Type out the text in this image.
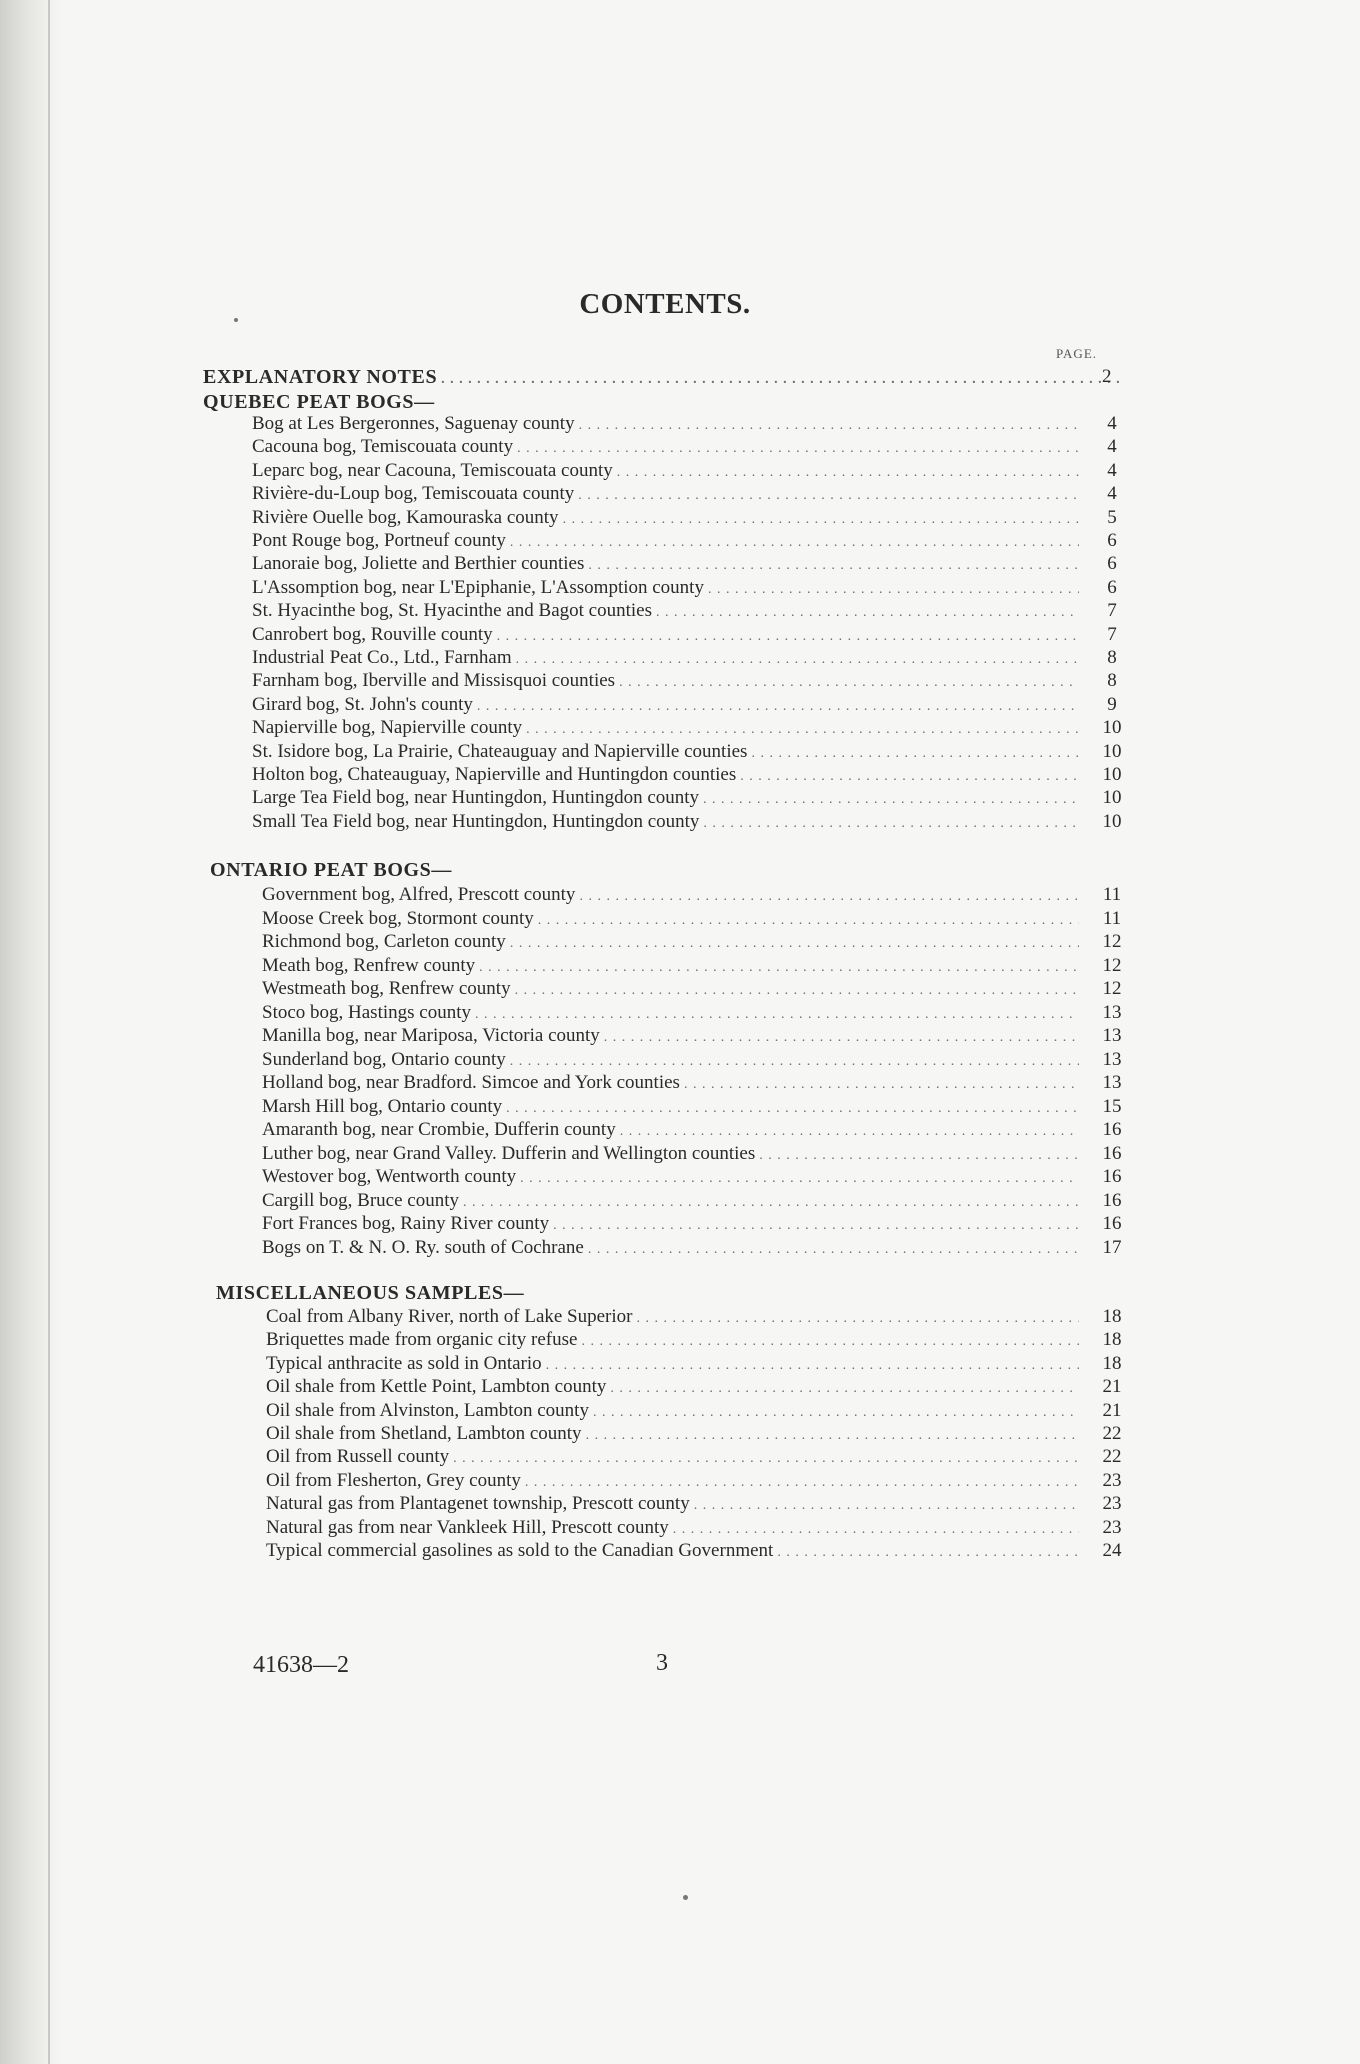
CONTENTS.
PAGE.
EXPLANATORY NOTES . . .	2
QUEBEC PEAT BOGS—
Bog at Les Bergeronnes, Saguenay county . . .	4
Cacouna bog, Temiscouata county . . .	4
Leparc bog, near Cacouna, Temiscouata county . . .	4
Rivière-du-Loup bog, Temiscouata county . . .	4
Rivière Ouelle bog, Kamouraska county . . .	5
Pont Rouge bog, Portneuf county . . .	6
Lanoraie bog, Joliette and Berthier counties . . .	6
L'Assomption bog, near L'Epiphanie, L'Assomption county . . .	6
St. Hyacinthe bog, St. Hyacinthe and Bagot counties . . .	7
Canrobert bog, Rouville county . . .	7
Industrial Peat Co., Ltd., Farnham . . .	8
Farnham bog, Iberville and Missisquoi counties . . .	8
Girard bog, St. John's county . . .	9
Napierville bog, Napierville county . . .	10
St. Isidore bog, La Prairie, Chateauguay and Napierville counties . . .	10
Holton bog, Chateauguay, Napierville and Huntingdon counties . . .	10
Large Tea Field bog, near Huntingdon, Huntingdon county . . .	10
Small Tea Field bog, near Huntingdon, Huntingdon county . . .	10
ONTARIO PEAT BOGS—
Government bog, Alfred, Prescott county . . .	11
Moose Creek bog, Stormont county . . .	11
Richmond bog, Carleton county . . .	12
Meath bog, Renfrew county . . .	12
Westmeath bog, Renfrew county . . .	12
Stoco bog, Hastings county . . .	13
Manilla bog, near Mariposa, Victoria county . . .	13
Sunderland bog, Ontario county . . .	13
Holland bog, near Bradford. Simcoe and York counties . . .	13
Marsh Hill bog, Ontario county . . .	15
Amaranth bog, near Crombie, Dufferin county . . .	16
Luther bog, near Grand Valley. Dufferin and Wellington counties . . .	16
Westover bog, Wentworth county . . .	16
Cargill bog, Bruce county . . .	16
Fort Frances bog, Rainy River county . . .	16
Bogs on T. & N. O. Ry. south of Cochrane . . .	17
MISCELLANEOUS SAMPLES—
Coal from Albany River, north of Lake Superior . . .	18
Briquettes made from organic city refuse . . .	18
Typical anthracite as sold in Ontario . . .	18
Oil shale from Kettle Point, Lambton county . . .	21
Oil shale from Alvinston, Lambton county . . .	21
Oil shale from Shetland, Lambton county . . .	22
Oil from Russell county . . .	22
Oil from Flesherton, Grey county . . .	23
Natural gas from Plantagenet township, Prescott county . . .	23
Natural gas from near Vankleek Hill, Prescott county . . .	23
Typical commercial gasolines as sold to the Canadian Government . . .	24
41638—2	3
